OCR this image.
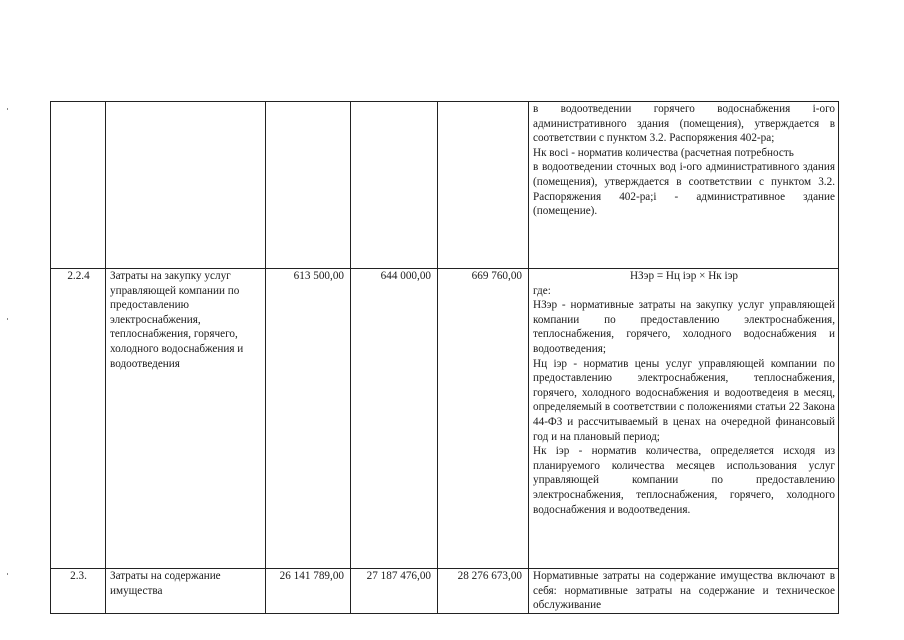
					в водоотведении горячего водоснабжения i-ого административного здания (помещения), утверждается в соответствии с пунктом 3.2. Распоряжения 402-ра;

Нк восі - норматив количества (расчетная потребность

в водоотведении сточных вод i-ого административного здания (помещения), утверждается в соответствии с пунктом 3.2. Распоряжения 402-ра;i - административное здание (помещение).

2.2.4	Затраты на закупку услуг управляющей компании по предоставлению электроснабжения, теплоснабжения, горячего, холодного водоснабжения и водоотведения	613 500,00	644 000,00	669 760,00	НЗэр = Нц iэр × Нк iэр

где:

НЗэр - нормативные затраты на закупку услуг управляющей компании по предоставлению электроснабжения, теплоснабжения, горячего, холодного водоснабжения и водоотведения;

Нц iэр - норматив цены услуг управляющей компании по предоставлению электроснабжения, теплоснабжения, горячего, холодного водоснабжения и водоотведеия в месяц, определяемый в соответствии с положениями статьи 22 Закона 44-ФЗ и рассчитываемый в ценах на очередной финансовый год и на плановый период;

Нк iэр - норматив количества, определяется исходя из планируемого количества месяцев использования услуг управляющей компании по предоставлению электроснабжения, теплоснабжения, горячего, холодного водоснабжения и водоотведения.

2.3.	Затраты на содержание имущества	26 141 789,00	27 187 476,00	28 276 673,00	Нормативные затраты на содержание имущества включают в себя: нормативные затраты на содержание и техническое обслуживание
